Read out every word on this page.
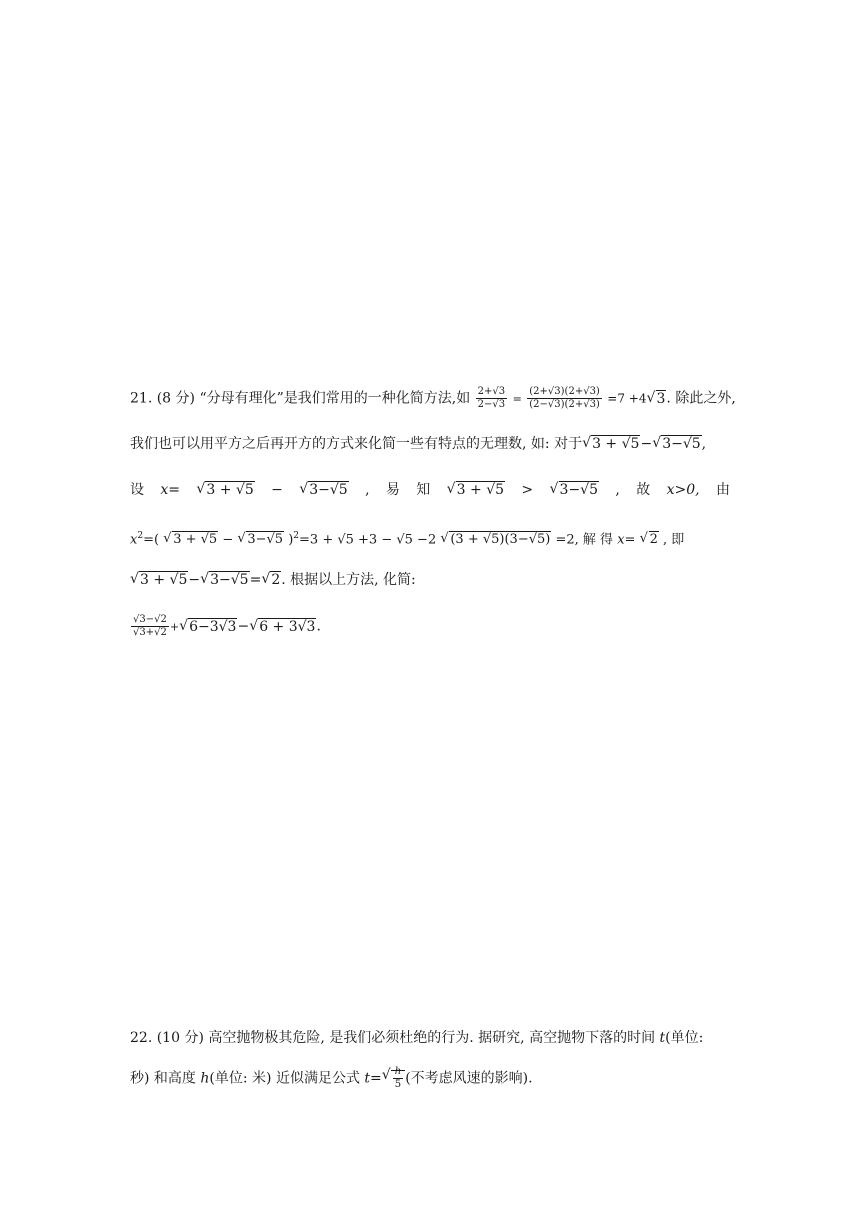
21. (8 分) “分母有理化”是我们常用的一种化简方法,如 $\frac{2+√3}{2-√3} = \frac{(2+√3)(2+√3)}{(2-√3)(2+√3)} =7 +4√$ 3. 除此之外,
我们也可以用平方之后再开方的方式来化简一些有特点的无理数, 如: 对于√ 3 + √5−√ 3−√5,
设 x=
√	3 + √5 −
√	3−√5 , 易 知
√	3 + √5 >
√	3−√5 , 故 x>0, 由
$x^2=$( √ 3 + √5 − √ 3−√5 )$^2$=3 + √5 +3 − √5 −2 √ (3 + √5)(3−√5) =2, 解 得 x= √ 2 , 即
√ 3 + √5−√ 3−√5=√ 2. 根据以上方法, 化简:
$\frac{√3-√2}{√3+√2}$ +√ 6−3√3−√ 6 + 3√3.
22. (10 分) 高空抛物极其危险, 是我们必须杜绝的行为. 据研究, 高空抛物下落的时间 t(单位:
秒) 和高度 h(单位: 米) 近似满足公式 t=
√ $\frac{h}{5}$ (不考虑风速的影响).
